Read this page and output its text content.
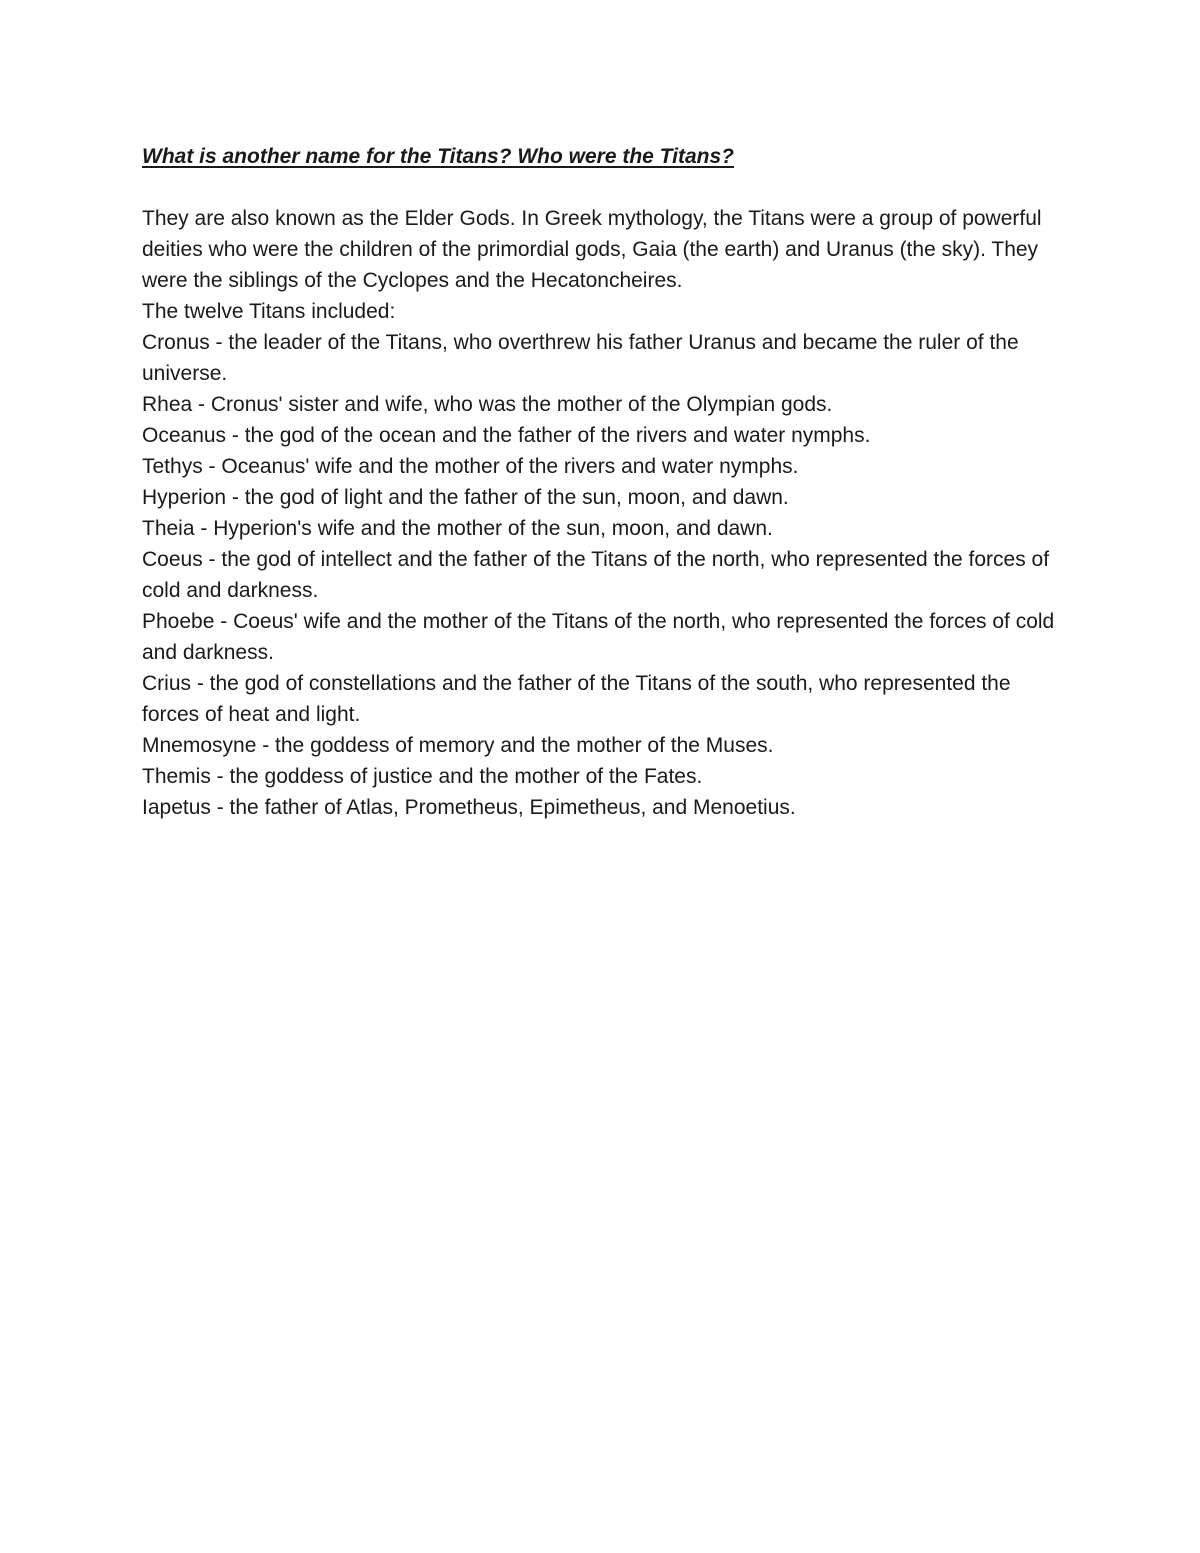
What is another name for the Titans? Who were the Titans?

They are also known as the Elder Gods. In Greek mythology, the Titans were a group of powerful deities who were the children of the primordial gods, Gaia (the earth) and Uranus (the sky). They were the siblings of the Cyclopes and the Hecatoncheires.

The twelve Titans included:

Cronus - the leader of the Titans, who overthrew his father Uranus and became the ruler of the universe.

Rhea - Cronus' sister and wife, who was the mother of the Olympian gods.

Oceanus - the god of the ocean and the father of the rivers and water nymphs.

Tethys - Oceanus' wife and the mother of the rivers and water nymphs.

Hyperion - the god of light and the father of the sun, moon, and dawn.

Theia - Hyperion's wife and the mother of the sun, moon, and dawn.

Coeus - the god of intellect and the father of the Titans of the north, who represented the forces of cold and darkness.

Phoebe - Coeus' wife and the mother of the Titans of the north, who represented the forces of cold and darkness.

Crius - the god of constellations and the father of the Titans of the south, who represented the forces of heat and light.

Mnemosyne - the goddess of memory and the mother of the Muses.

Themis - the goddess of justice and the mother of the Fates.

Iapetus - the father of Atlas, Prometheus, Epimetheus, and Menoetius.
